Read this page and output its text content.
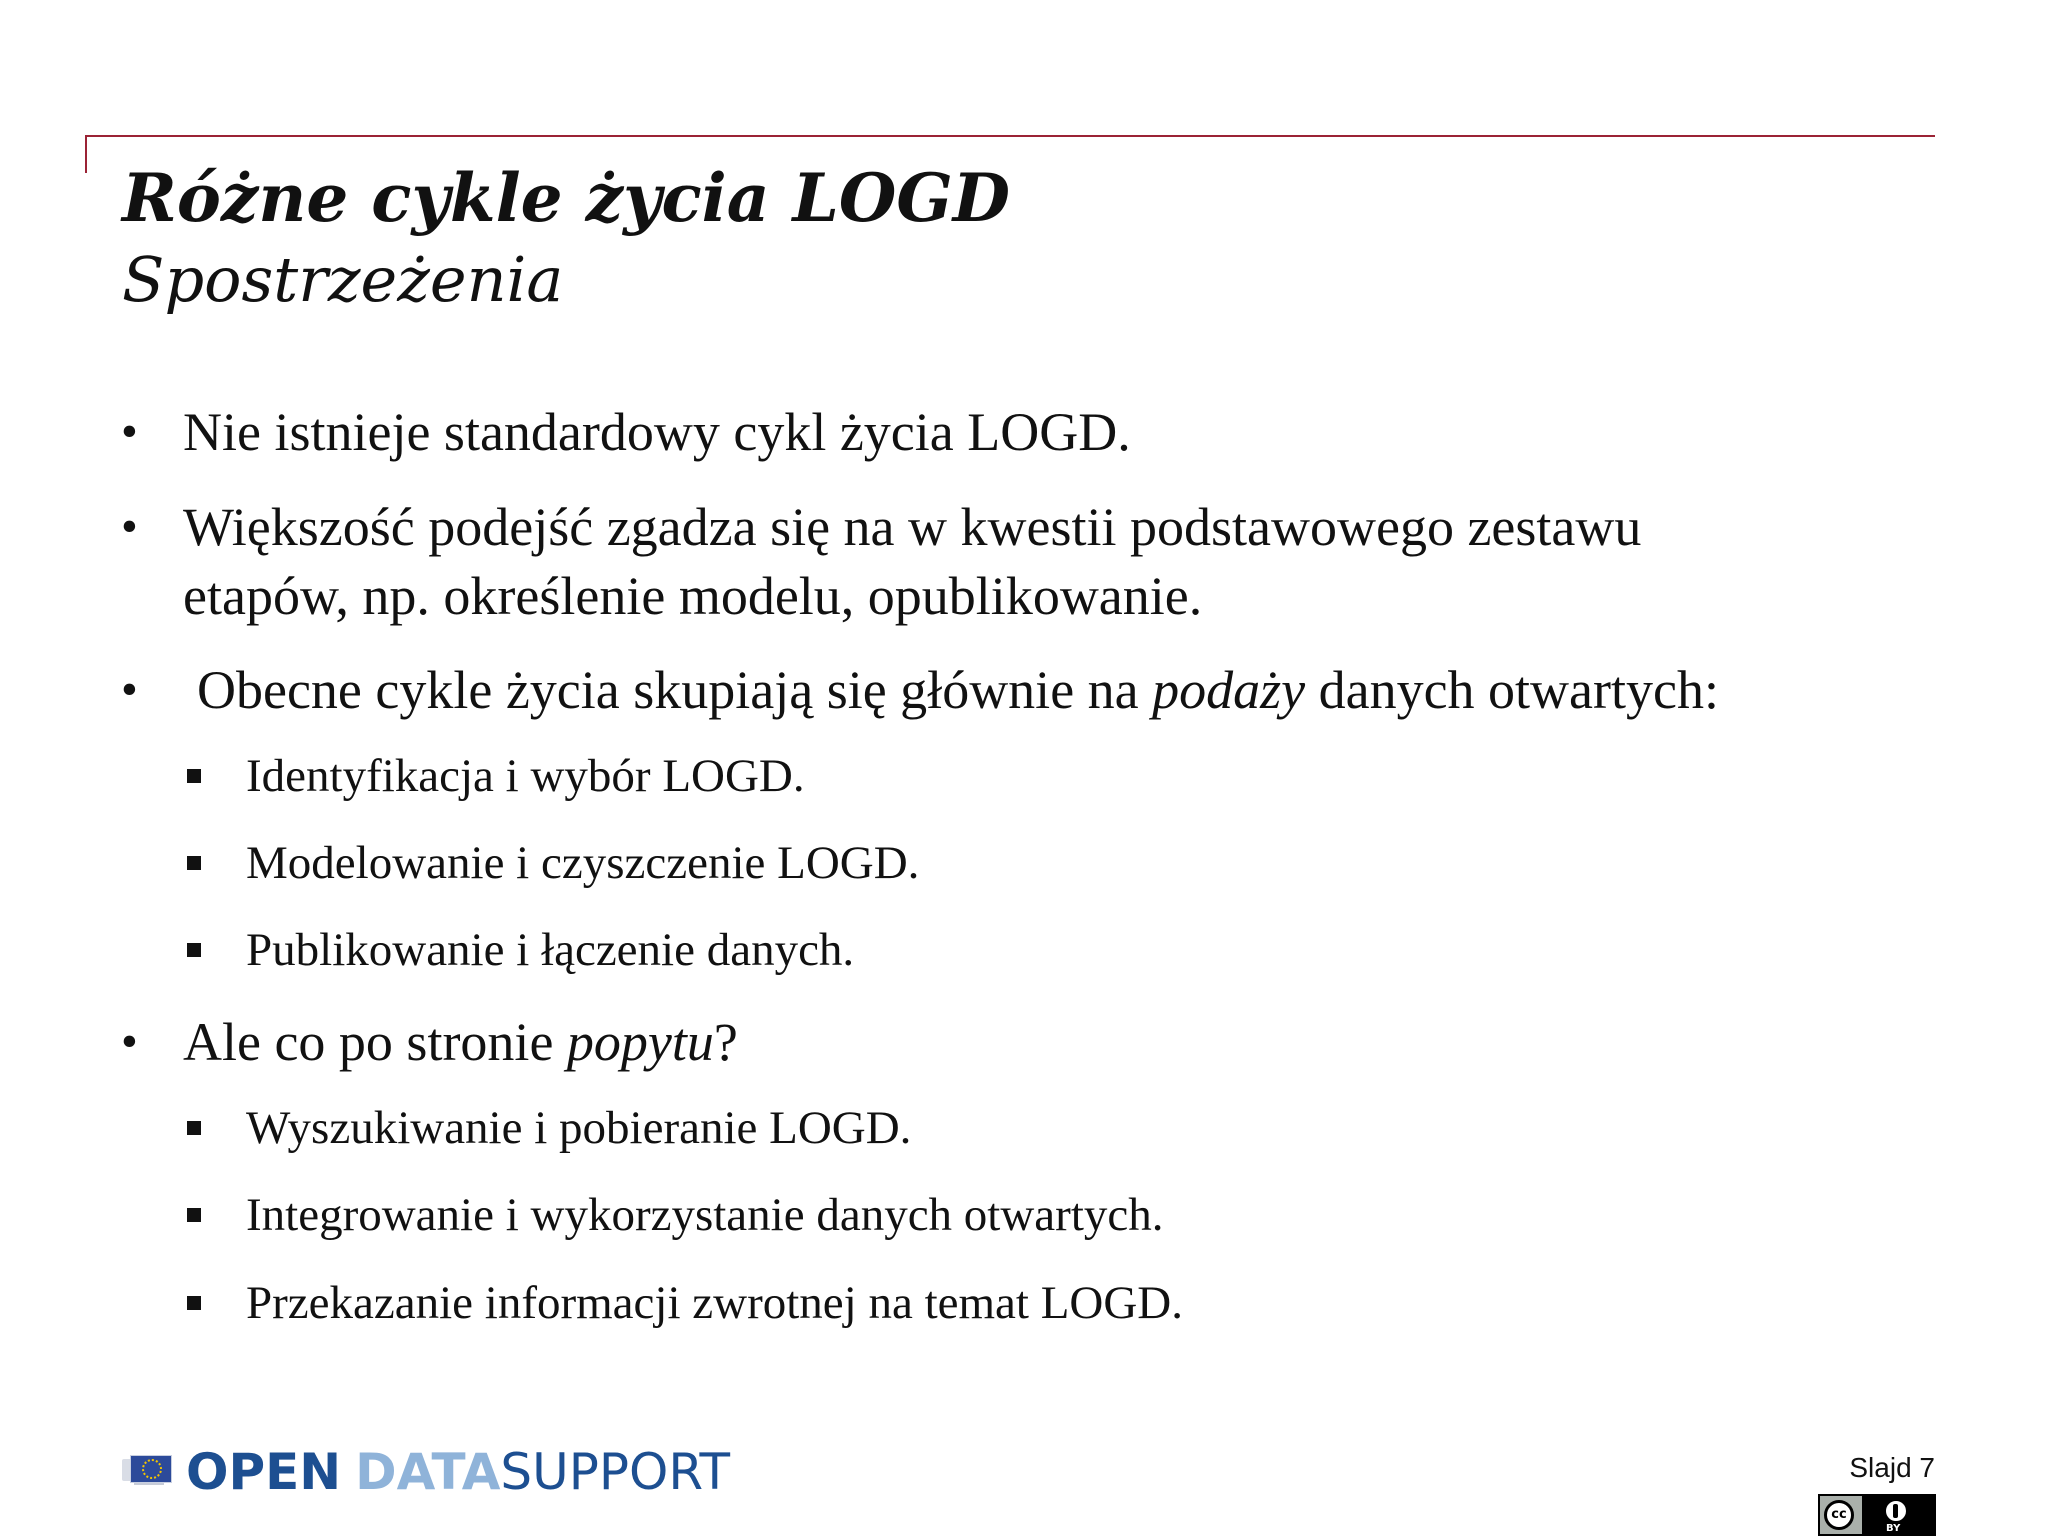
Różne cykle życia LOGD
Spostrzeżenia
• Nie istnieje standardowy cykl życia LOGD.
• Większość podejść zgadza się na w kwestii podstawowego zestawu
etapów, np. określenie modelu, opublikowanie.
• Obecne cykle życia skupiają się głównie na podaży danych otwartych:
Identyfikacja i wybór LOGD.
Modelowanie i czyszczenie LOGD.
Publikowanie i łączenie danych.
• Ale co po stronie popytu?
Wyszukiwanie i pobieranie LOGD.
Integrowanie i wykorzystanie danych otwartych.
Przekazanie informacji zwrotnej na temat LOGD.
OPEN DATASUPPORT	Slajd 7
cc
BY
